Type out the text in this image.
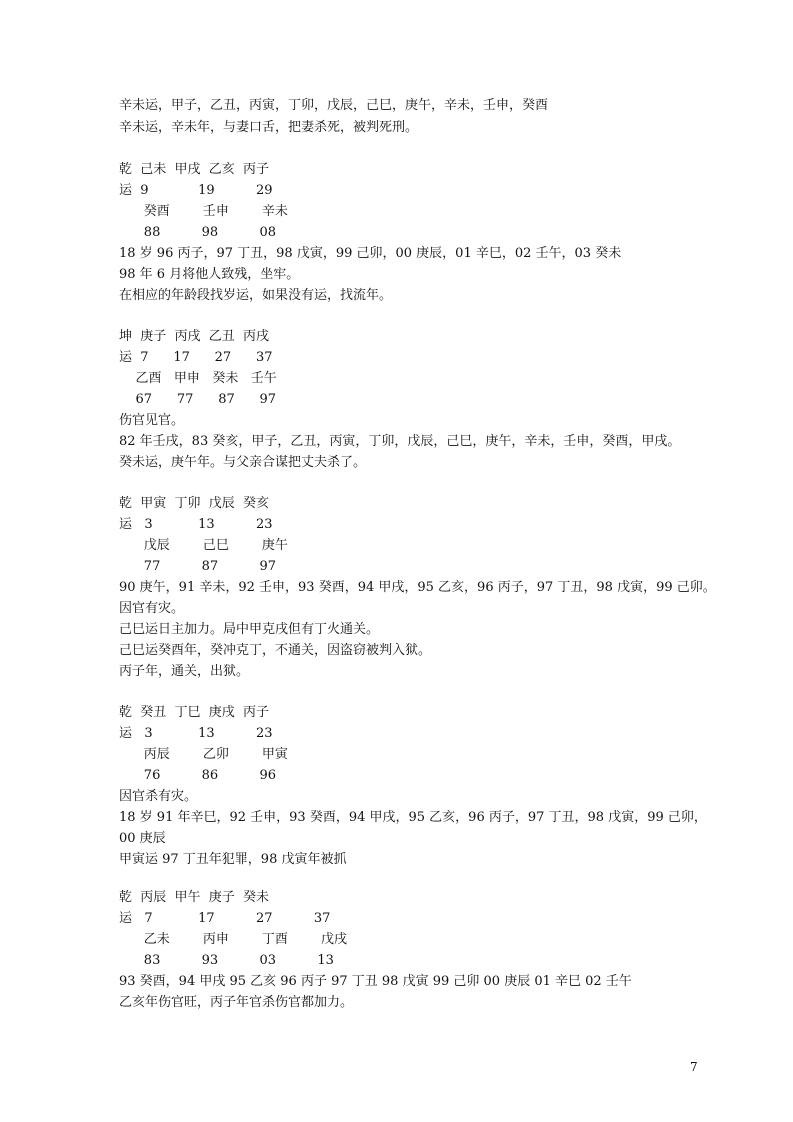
辛未运，甲子，乙丑，丙寅，丁卯，戊辰，己巳，庚午，辛未，壬申，癸酉
辛未运，辛未年，与妻口舌，把妻杀死，被判死刑。
乾  己未  甲戌  乙亥  丙子
运  9            19          29
癸酉        壬申        辛未
88          98          08
18 岁 96 丙子，97 丁丑，98 戊寅，99 己卯，00 庚辰，01 辛巳，02 壬午，03 癸未
98 年 6 月将他人致残，坐牢。
在相应的年龄段找岁运，如果没有运，找流年。
坤  庚子  丙戌  乙丑  丙戌
运  7      17      27      37
乙酉   甲申   癸未   壬午
67      77      87      97
伤官见官。
82 年壬戌，83 癸亥，甲子，乙丑，丙寅，丁卯，戊辰，己巳，庚午，辛未，壬申，癸酉，甲戌。
癸未运，庚午年。与父亲合谋把丈夫杀了。
乾  甲寅  丁卯  戊辰  癸亥
运   3           13          23
戊辰        己巳        庚午
77          87          97
90 庚午，91 辛未，92 壬申，93 癸酉，94 甲戌，95 乙亥，96 丙子，97 丁丑，98 戊寅，99 己卯。
因官有灾。
己巳运日主加力。局中甲克戌但有丁火通关。
己巳运癸酉年，癸冲克丁，不通关，因盗窃被判入狱。
丙子年，通关，出狱。
乾  癸丑  丁巳  庚戌  丙子
运   3           13          23
丙辰        乙卯        甲寅
76          86          96
因官杀有灾。
18 岁 91 年辛巳，92 壬申，93 癸酉，94 甲戌，95 乙亥，96 丙子，97 丁丑，98 戊寅，99 己卯，
00 庚辰
甲寅运 97 丁丑年犯罪，98 戊寅年被抓
乾  丙辰  甲午  庚子  癸未
运   7           17          27          37
乙未        丙申        丁酉        戊戌
83          93          03          13
93 癸酉，94 甲戌 95 乙亥 96 丙子 97 丁丑 98 戊寅 99 己卯 00 庚辰 01 辛巳 02 壬午
乙亥年伤官旺，丙子年官杀伤官都加力。
7
